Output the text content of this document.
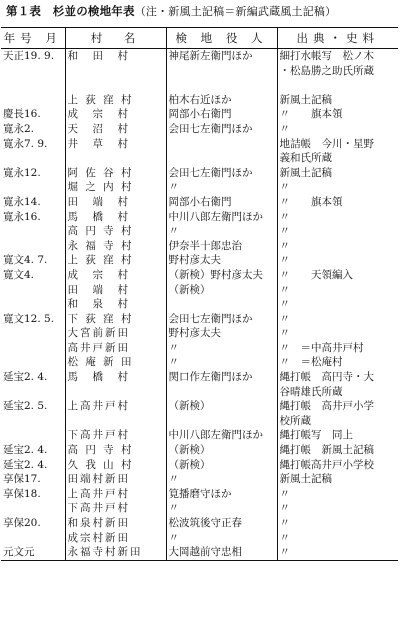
第１表　杉並の検地年表（注・新風土記稿＝新編武蔵風土記稿）
年号 月	村　名	検 地 役 人	出典・史料

天正19. 9.	和　田　村	神尾新左衛門ほか	細打水帳写　松ノ木
・松島勝之助氏所蔵

	上 荻 窪 村	柏木右近ほか	新風土記稿

慶長16.	成　宗　村	岡部小右衛門	〃　　旗本領

寛永2.	天　沼　村	会田七左衛門ほか	〃

寛永7. 9.	井　草　村		地詰帳　今川・星野
義和氏所蔵

寛永12.	阿 佐 谷 村	会田七左衛門ほか	新風土記稿

	堀 之 内 村	〃	〃

寛永14.	田　端　村	岡部小右衛門	〃　　旗本領

寛永16.	馬　橋　村	中川八郎左衛門ほか	〃

	高 円 寺 村	〃	〃

	永 福 寺 村	伊奈半十郎忠治	〃

寛文4. 7.	上 荻 窪 村	野村彦太夫	〃

寛文4.	成　宗　村	（新検）野村彦太夫	〃　　天領編入

	田　端　村	（新検）	〃

	和　泉　村		〃

寛文12. 5.	下 荻 窪 村	会田七左衛門ほか	〃

	大宮前新田	野村彦太夫	〃

	高井戸新田	〃	〃　＝中高井戸村

	松 庵 新 田	〃	〃　＝松庵村

延宝2. 4.	馬　橋　村	関口作左衛門ほか	縄打帳　高円寺・大
谷晴雄氏所蔵

延宝2. 5.	上高井戸村	（新検）	縄打帳　高井戸小学
校所蔵

	下高井戸村	中川八郎左衛門ほか	縄打帳写　同上

延宝2. 4.	高 円 寺 村	（新検）	縄打帳　新風土記稿

延宝2. 4.	久 我 山 村	（新検）	縄打帳高井戸小学校

享保17.	田端村新田	〃	新風土記稿

享保18.	上高井戸村	筧播磨守ほか	〃

	下高井戸村	〃	〃

享保20.	和泉村新田	松波筑後守正春	〃

	成宗村新田	〃	〃

元文元	永福寺村新田	大岡越前守忠相	〃
